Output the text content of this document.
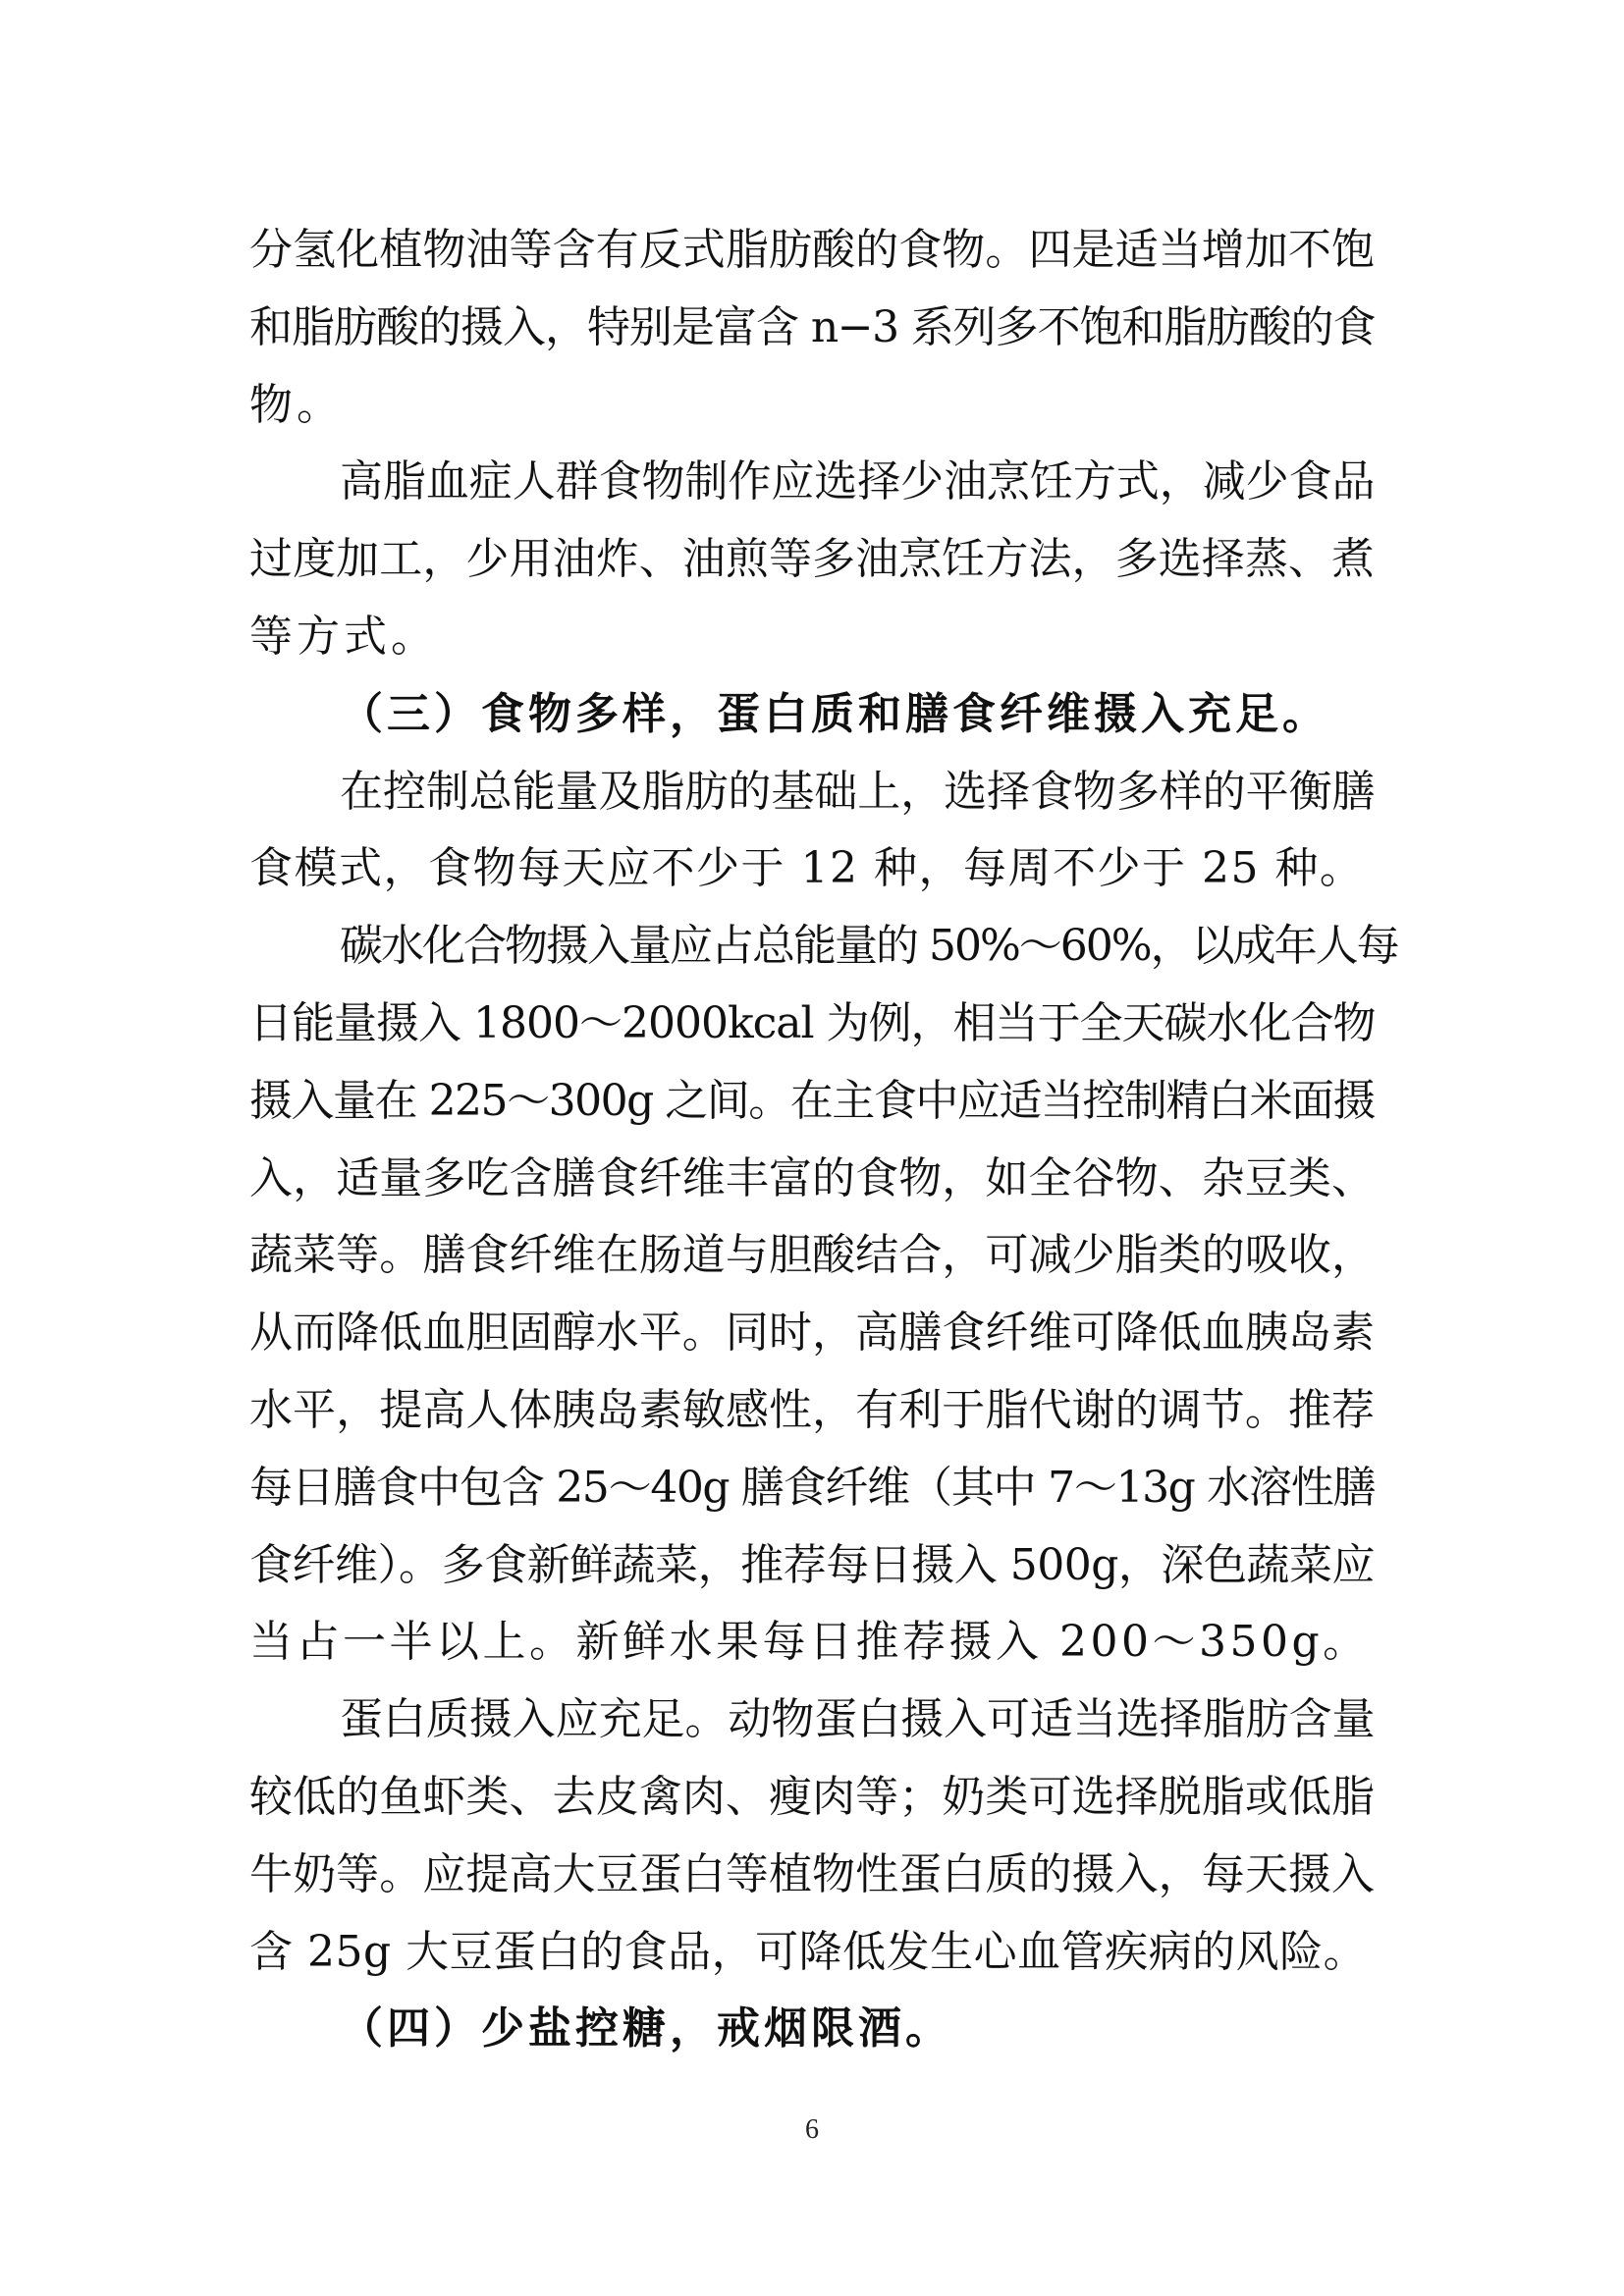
分氢化植物油等含有反式脂肪酸的食物。四是适当增加不饱
和脂肪酸的摄入，特别是富含 n−3 系列多不饱和脂肪酸的食
物。
高脂血症人群食物制作应选择少油烹饪方式，减少食品
过度加工，少用油炸、油煎等多油烹饪方法，多选择蒸、煮
等方式。
（三）食物多样，蛋白质和膳食纤维摄入充足。
在控制总能量及脂肪的基础上，选择食物多样的平衡膳
食模式，食物每天应不少于 12 种，每周不少于 25 种。
碳水化合物摄入量应占总能量的 50%～60%，以成年人每
日能量摄入 1800～2000kcal 为例，相当于全天碳水化合物
摄入量在 225～300g 之间。在主食中应适当控制精白米面摄
入，适量多吃含膳食纤维丰富的食物，如全谷物、杂豆类、
蔬菜等。膳食纤维在肠道与胆酸结合，可减少脂类的吸收，
从而降低血胆固醇水平。同时，高膳食纤维可降低血胰岛素
水平，提高人体胰岛素敏感性，有利于脂代谢的调节。推荐
每日膳食中包含 25～40g 膳食纤维（其中 7～13g 水溶性膳
食纤维）。多食新鲜蔬菜，推荐每日摄入 500g，深色蔬菜应
当占一半以上。新鲜水果每日推荐摄入 200～350g。
蛋白质摄入应充足。动物蛋白摄入可适当选择脂肪含量
较低的鱼虾类、去皮禽肉、瘦肉等；奶类可选择脱脂或低脂
牛奶等。应提高大豆蛋白等植物性蛋白质的摄入，每天摄入
含 25g 大豆蛋白的食品，可降低发生心血管疾病的风险。
（四）少盐控糖，戒烟限酒。
6
